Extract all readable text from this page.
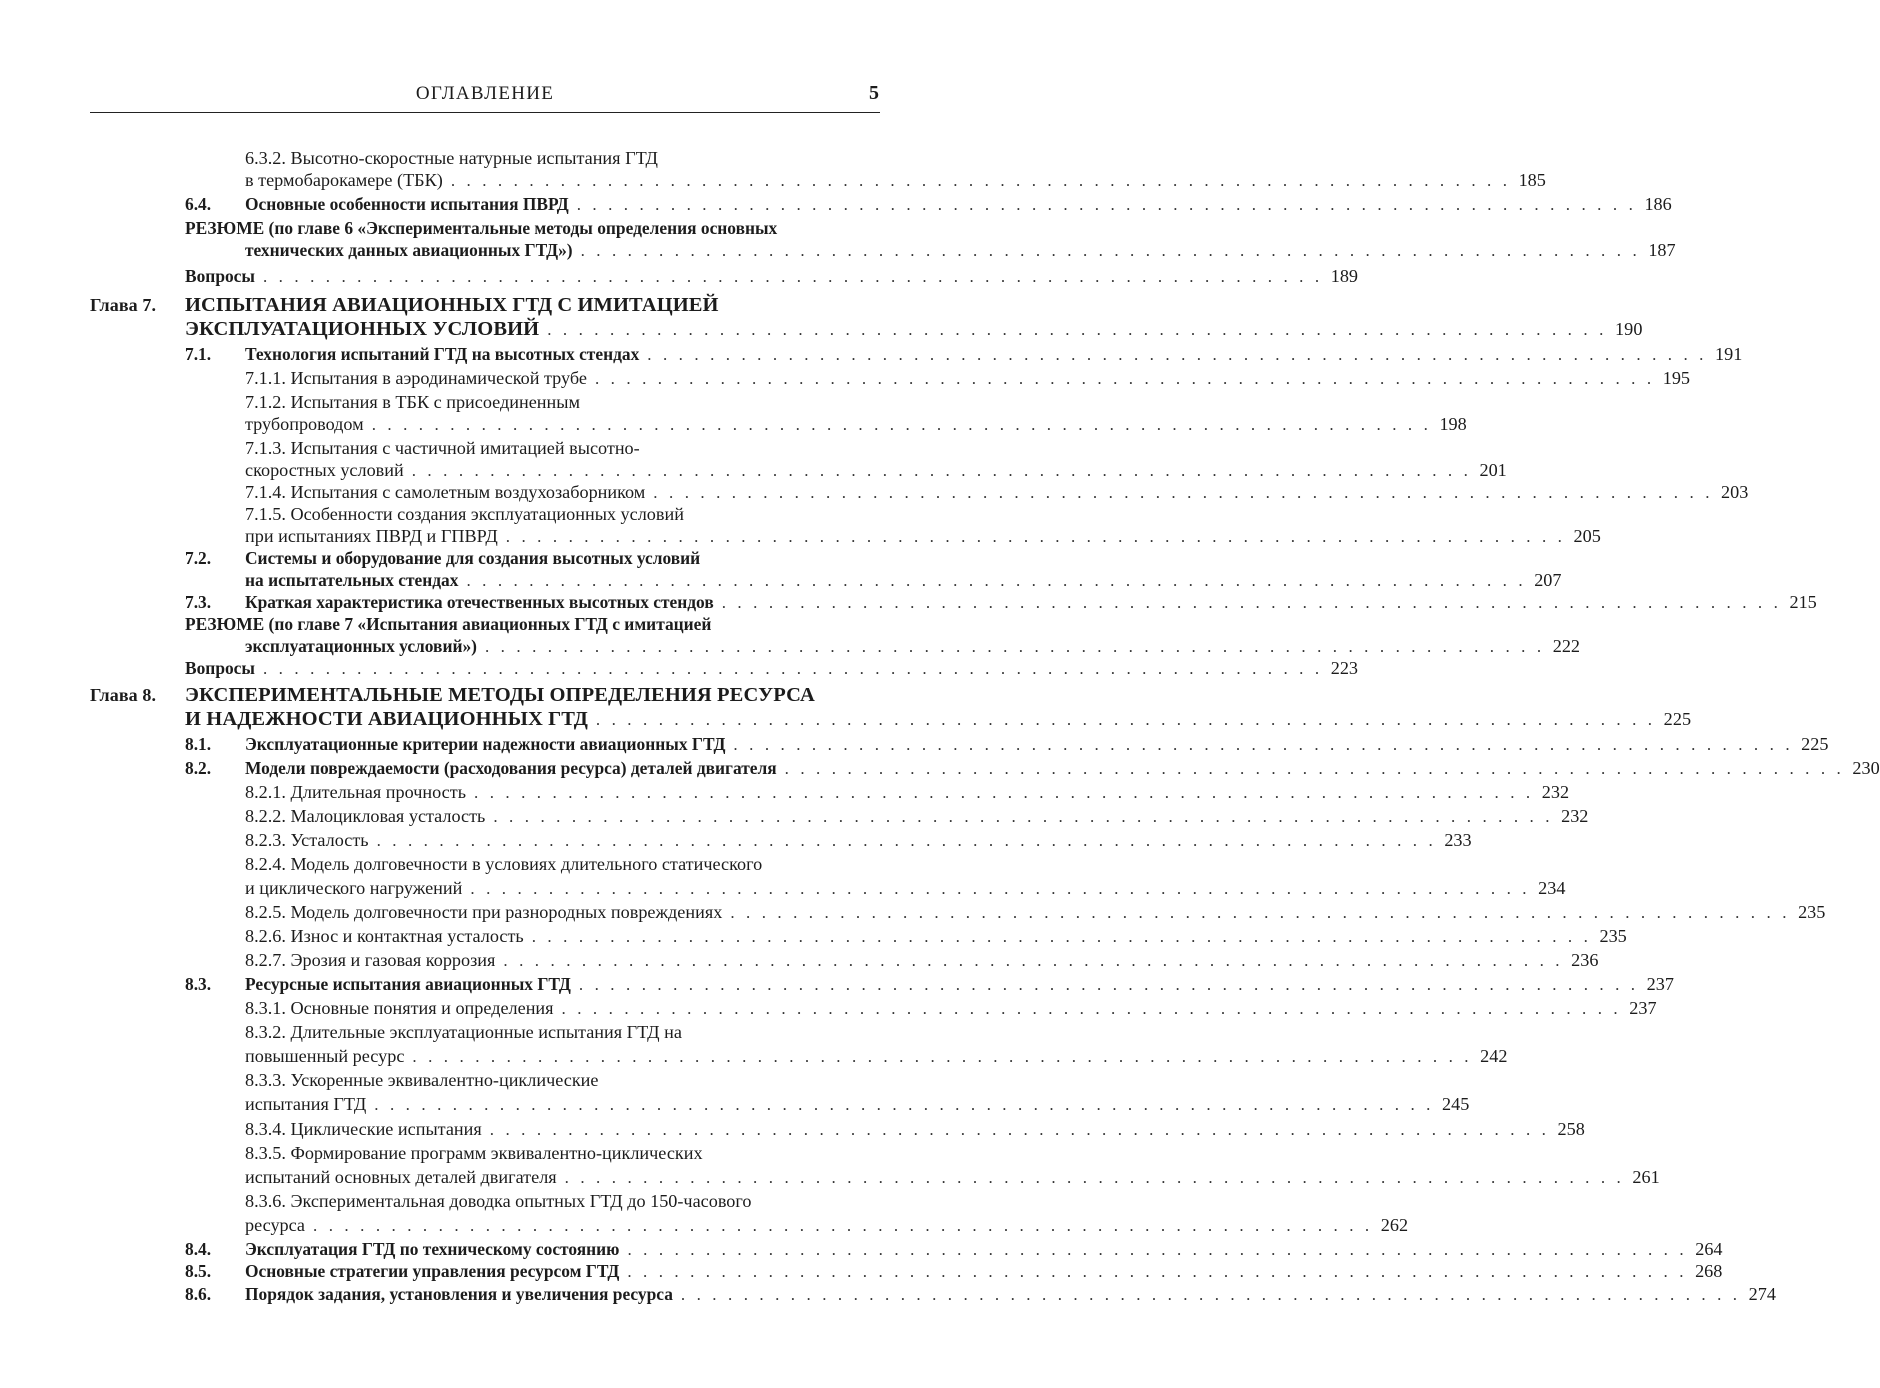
ОГЛАВЛЕНИЕ	5
6.3.2. Высотно-скоростные натурные испытания ГТД
в термобарокамере (ТБК) . . . . . . . . . . . . . . . . . . . . . . . . . . . . . . . . . . . . . . . . . . . . . . . . . . . . . . . . . . . . . . . . . . . . 185
6.4. Основные особенности испытания ПВРД . . . . . . . . . . . . . . . . . . . . . . . . . . . . . . . . . . . . . . . . . . . . . . . . . . . . . . . . . . . . . . . . . . . . 186
РЕЗЮМЕ (по главе 6 «Экспериментальные методы определения основных
технических данных авиационных ГТД») . . . . . . . . . . . . . . . . . . . . . . . . . . . . . . . . . . . . . . . . . . . . . . . . . . . . . . . . . . . . . . . . . . . . 187
Вопросы . . . . . . . . . . . . . . . . . . . . . . . . . . . . . . . . . . . . . . . . . . . . . . . . . . . . . . . . . . . . . . . . . . . . 189
Глава 7. ИСПЫТАНИЯ АВИАЦИОННЫХ ГТД С ИМИТАЦИЕЙ
ЭКСПЛУАТАЦИОННЫХ УСЛОВИЙ . . . . . . . . . . . . . . . . . . . . . . . . . . . . . . . . . . . . . . . . . . . . . . . . . . . . . . . . . . . . . . . . . . . . 190
7.1. Технология испытаний ГТД на высотных стендах . . . . . . . . . . . . . . . . . . . . . . . . . . . . . . . . . . . . . . . . . . . . . . . . . . . . . . . . . . . . . . . . . . . . 191
7.1.1. Испытания в аэродинамической трубе . . . . . . . . . . . . . . . . . . . . . . . . . . . . . . . . . . . . . . . . . . . . . . . . . . . . . . . . . . . . . . . . . . . . 195
7.1.2. Испытания в ТБК с присоединенным
трубопроводом . . . . . . . . . . . . . . . . . . . . . . . . . . . . . . . . . . . . . . . . . . . . . . . . . . . . . . . . . . . . . . . . . . . . 198
7.1.3. Испытания с частичной имитацией высотно-
скоростных условий . . . . . . . . . . . . . . . . . . . . . . . . . . . . . . . . . . . . . . . . . . . . . . . . . . . . . . . . . . . . . . . . . . . . 201
7.1.4. Испытания с самолетным воздухозаборником . . . . . . . . . . . . . . . . . . . . . . . . . . . . . . . . . . . . . . . . . . . . . . . . . . . . . . . . . . . . . . . . . . . . 203
7.1.5. Особенности создания эксплуатационных условий
при испытаниях ПВРД и ГПВРД . . . . . . . . . . . . . . . . . . . . . . . . . . . . . . . . . . . . . . . . . . . . . . . . . . . . . . . . . . . . . . . . . . . . 205
7.2. Системы и оборудование для создания высотных условий
на испытательных стендах . . . . . . . . . . . . . . . . . . . . . . . . . . . . . . . . . . . . . . . . . . . . . . . . . . . . . . . . . . . . . . . . . . . . 207
7.3. Краткая характеристика отечественных высотных стендов . . . . . . . . . . . . . . . . . . . . . . . . . . . . . . . . . . . . . . . . . . . . . . . . . . . . . . . . . . . . . . . . . . . . 215
РЕЗЮМЕ (по главе 7 «Испытания авиационных ГТД с имитацией
эксплуатационных условий») . . . . . . . . . . . . . . . . . . . . . . . . . . . . . . . . . . . . . . . . . . . . . . . . . . . . . . . . . . . . . . . . . . . . 222
Вопросы . . . . . . . . . . . . . . . . . . . . . . . . . . . . . . . . . . . . . . . . . . . . . . . . . . . . . . . . . . . . . . . . . . . . 223
Глава 8. ЭКСПЕРИМЕНТАЛЬНЫЕ МЕТОДЫ ОПРЕДЕЛЕНИЯ РЕСУРСА
И НАДЕЖНОСТИ АВИАЦИОННЫХ ГТД . . . . . . . . . . . . . . . . . . . . . . . . . . . . . . . . . . . . . . . . . . . . . . . . . . . . . . . . . . . . . . . . . . . . 225
8.1. Эксплуатационные критерии надежности авиационных ГТД . . . . . . . . . . . . . . . . . . . . . . . . . . . . . . . . . . . . . . . . . . . . . . . . . . . . . . . . . . . . . . . . . . . . 225
8.2. Модели повреждаемости (расходования ресурса) деталей двигателя . . . . . . . . . . . . . . . . . . . . . . . . . . . . . . . . . . . . . . . . . . . . . . . . . . . . . . . . . . . . . . . . . . . . 230
8.2.1. Длительная прочность . . . . . . . . . . . . . . . . . . . . . . . . . . . . . . . . . . . . . . . . . . . . . . . . . . . . . . . . . . . . . . . . . . . . 232
8.2.2. Малоцикловая усталость . . . . . . . . . . . . . . . . . . . . . . . . . . . . . . . . . . . . . . . . . . . . . . . . . . . . . . . . . . . . . . . . . . . . 232
8.2.3. Усталость . . . . . . . . . . . . . . . . . . . . . . . . . . . . . . . . . . . . . . . . . . . . . . . . . . . . . . . . . . . . . . . . . . . . 233
8.2.4. Модель долговечности в условиях длительного статического
и циклического нагружений . . . . . . . . . . . . . . . . . . . . . . . . . . . . . . . . . . . . . . . . . . . . . . . . . . . . . . . . . . . . . . . . . . . . 234
8.2.5. Модель долговечности при разнородных повреждениях . . . . . . . . . . . . . . . . . . . . . . . . . . . . . . . . . . . . . . . . . . . . . . . . . . . . . . . . . . . . . . . . . . . . 235
8.2.6. Износ и контактная усталость . . . . . . . . . . . . . . . . . . . . . . . . . . . . . . . . . . . . . . . . . . . . . . . . . . . . . . . . . . . . . . . . . . . . 235
8.2.7. Эрозия и газовая коррозия . . . . . . . . . . . . . . . . . . . . . . . . . . . . . . . . . . . . . . . . . . . . . . . . . . . . . . . . . . . . . . . . . . . . 236
8.3. Ресурсные испытания авиационных ГТД . . . . . . . . . . . . . . . . . . . . . . . . . . . . . . . . . . . . . . . . . . . . . . . . . . . . . . . . . . . . . . . . . . . . 237
8.3.1. Основные понятия и определения . . . . . . . . . . . . . . . . . . . . . . . . . . . . . . . . . . . . . . . . . . . . . . . . . . . . . . . . . . . . . . . . . . . . 237
8.3.2. Длительные эксплуатационные испытания ГТД на
повышенный ресурс . . . . . . . . . . . . . . . . . . . . . . . . . . . . . . . . . . . . . . . . . . . . . . . . . . . . . . . . . . . . . . . . . . . . 242
8.3.3. Ускоренные эквивалентно-циклические
испытания ГТД . . . . . . . . . . . . . . . . . . . . . . . . . . . . . . . . . . . . . . . . . . . . . . . . . . . . . . . . . . . . . . . . . . . . 245
8.3.4. Циклические испытания . . . . . . . . . . . . . . . . . . . . . . . . . . . . . . . . . . . . . . . . . . . . . . . . . . . . . . . . . . . . . . . . . . . . 258
8.3.5. Формирование программ эквивалентно-циклических
испытаний основных деталей двигателя . . . . . . . . . . . . . . . . . . . . . . . . . . . . . . . . . . . . . . . . . . . . . . . . . . . . . . . . . . . . . . . . . . . . 261
8.3.6. Экспериментальная доводка опытных ГТД до 150-часового
ресурса . . . . . . . . . . . . . . . . . . . . . . . . . . . . . . . . . . . . . . . . . . . . . . . . . . . . . . . . . . . . . . . . . . . . 262
8.4. Эксплуатация ГТД по техническому состоянию . . . . . . . . . . . . . . . . . . . . . . . . . . . . . . . . . . . . . . . . . . . . . . . . . . . . . . . . . . . . . . . . . . . . 264
8.5. Основные стратегии управления ресурсом ГТД . . . . . . . . . . . . . . . . . . . . . . . . . . . . . . . . . . . . . . . . . . . . . . . . . . . . . . . . . . . . . . . . . . . . 268
8.6. Порядок задания, установления и увеличения ресурса . . . . . . . . . . . . . . . . . . . . . . . . . . . . . . . . . . . . . . . . . . . . . . . . . . . . . . . . . . . . . . . . . . . . 274
